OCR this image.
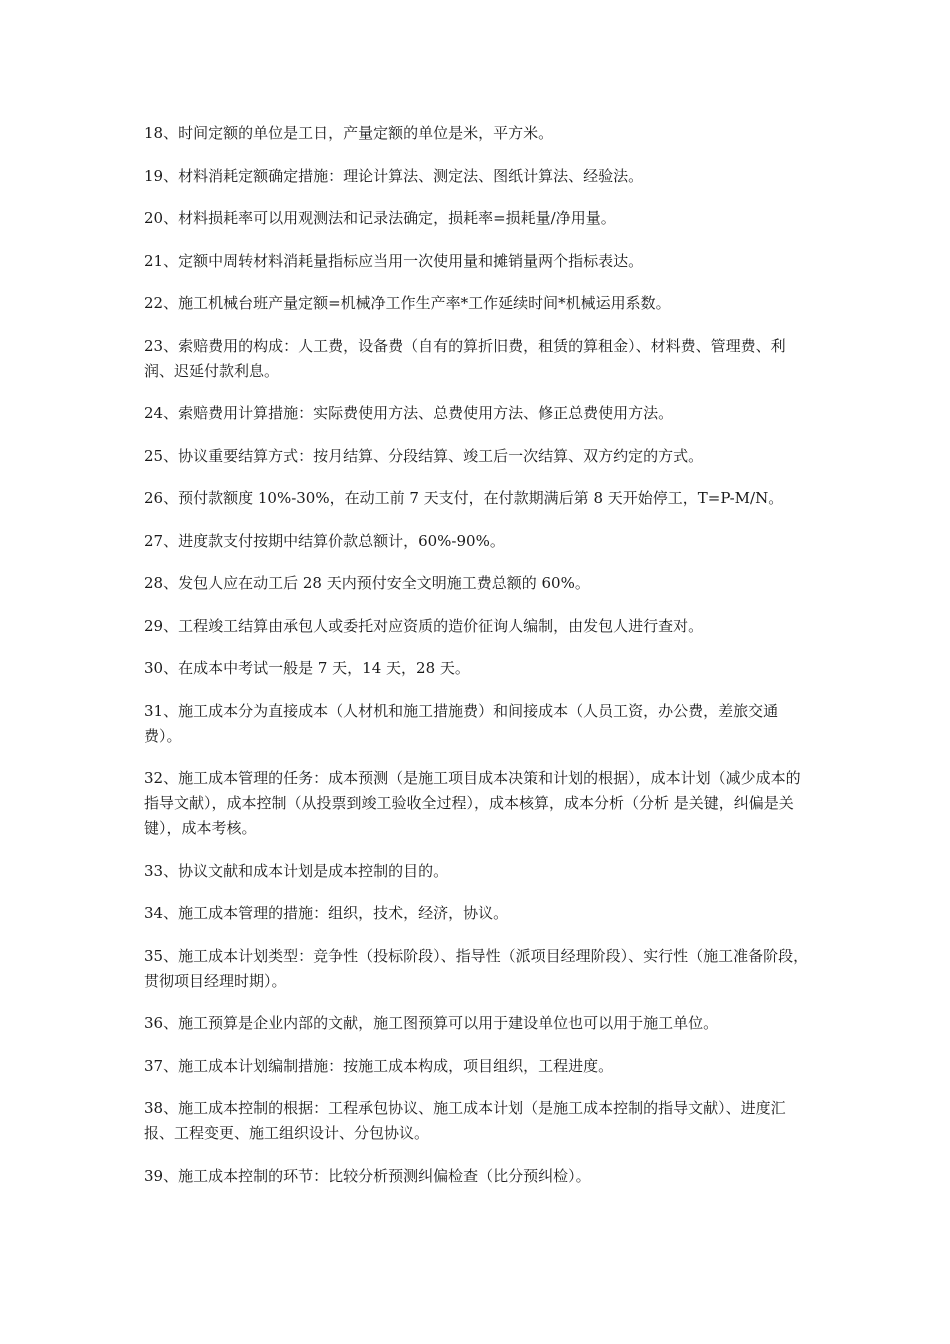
18、时间定额的单位是工日，产量定额的单位是米，平方米。

19、材料消耗定额确定措施：理论计算法、测定法、图纸计算法、经验法。

20、材料损耗率可以用观测法和记录法确定，损耗率=损耗量/净用量。

21、定额中周转材料消耗量指标应当用一次使用量和摊销量两个指标表达。

22、施工机械台班产量定额=机械净工作生产率*工作延续时间*机械运用系数。

23、索赔费用的构成：人工费，设备费（自有的算折旧费，租赁的算租金）、材料费、管理费、利润、迟延付款利息。

24、索赔费用计算措施：实际费使用方法、总费使用方法、修正总费使用方法。

25、协议重要结算方式：按月结算、分段结算、竣工后一次结算、双方约定的方式。

26、预付款额度 10%-30%，在动工前 7 天支付，在付款期满后第 8 天开始停工，T=P-M/N。

27、进度款支付按期中结算价款总额计，60%-90%。

28、发包人应在动工后 28 天内预付安全文明施工费总额的 60%。

29、工程竣工结算由承包人或委托对应资质的造价征询人编制，由发包人进行查对。

30、在成本中考试一般是 7 天，14 天，28 天。

31、施工成本分为直接成本（人材机和施工措施费）和间接成本（人员工资，办公费，差旅交通费）。

32、施工成本管理的任务：成本预测（是施工项目成本决策和计划的根据），成本计划（减少成本的指导文献），成本控制（从投票到竣工验收全过程），成本核算，成本分析（分析 是关键，纠偏是关键），成本考核。

33、协议文献和成本计划是成本控制的目的。

34、施工成本管理的措施：组织，技术，经济，协议。

35、施工成本计划类型：竞争性（投标阶段）、指导性（派项目经理阶段）、实行性（施工准备阶段，贯彻项目经理时期）。

36、施工预算是企业内部的文献，施工图预算可以用于建设单位也可以用于施工单位。

37、施工成本计划编制措施：按施工成本构成，项目组织，工程进度。

38、施工成本控制的根据：工程承包协议、施工成本计划（是施工成本控制的指导文献）、进度汇报、工程变更、施工组织设计、分包协议。

39、施工成本控制的环节：比较分析预测纠偏检查（比分预纠检）。
